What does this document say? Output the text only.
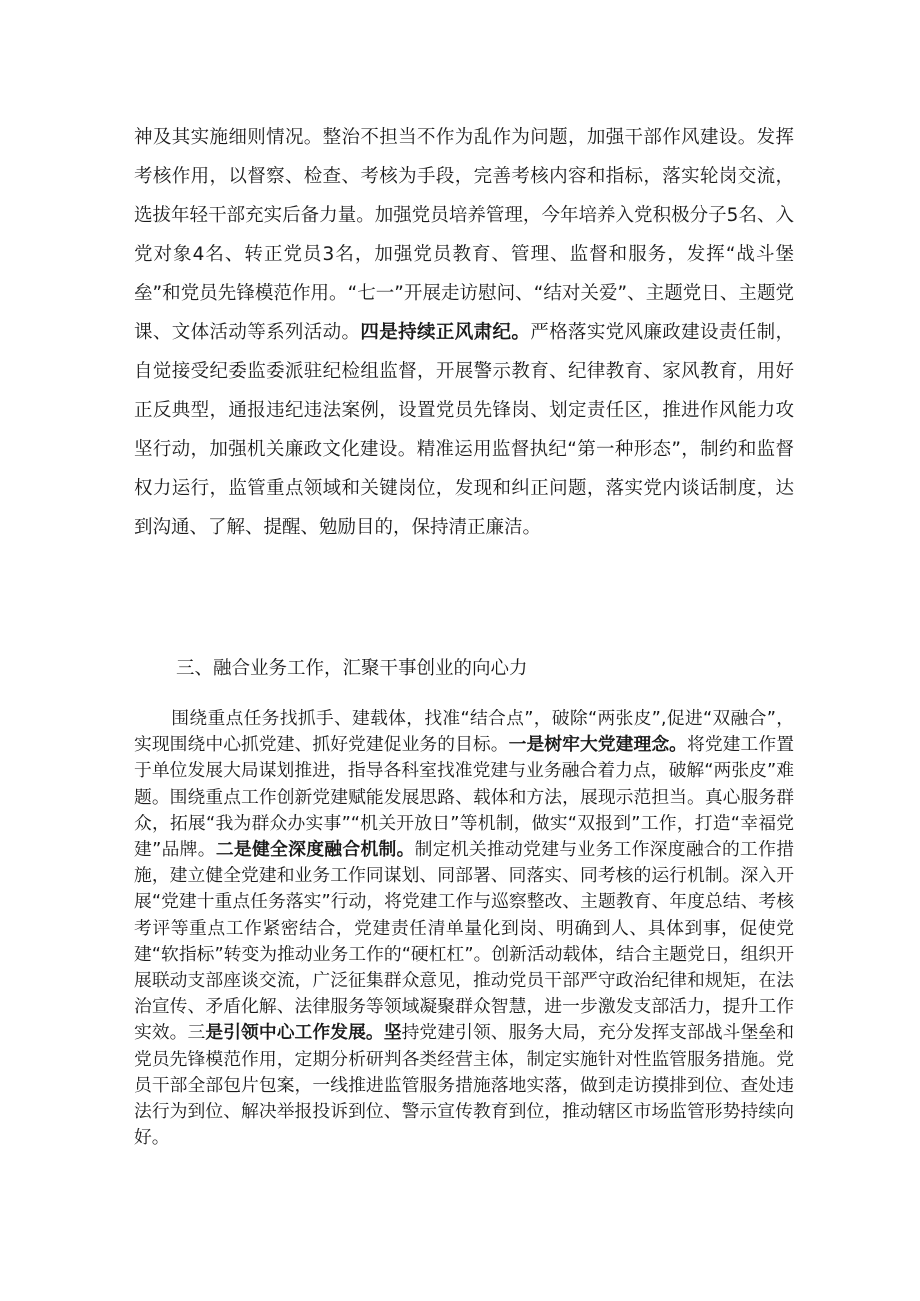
神及其实施细则情况。整治不担当不作为乱作为问题，加强干部作风建设。发挥考核作用，以督察、检查、考核为手段，完善考核内容和指标，落实轮岗交流，选拔年轻干部充实后备力量。加强党员培养管理，今年培养入党积极分子5名、入党对象4名、转正党员3名，加强党员教育、管理、监督和服务，发挥“战斗堡垒”和党员先锋模范作用。“七一”开展走访慰问、“结对关爱”、主题党日、主题党课、文体活动等系列活动。四是持续正风肃纪。严格落实党风廉政建设责任制，自觉接受纪委监委派驻纪检组监督，开展警示教育、纪律教育、家风教育，用好正反典型，通报违纪违法案例，设置党员先锋岗、划定责任区，推进作风能力攻坚行动，加强机关廉政文化建设。精准运用监督执纪“第一种形态”，制约和监督权力运行，监管重点领域和关键岗位，发现和纠正问题，落实党内谈话制度，达到沟通、了解、提醒、勉励目的，保持清正廉洁。

三、融合业务工作，汇聚干事创业的向心力

围绕重点任务找抓手、建载体，找准“结合点”，破除“两张皮”,促进“双融合”，实现围绕中心抓党建、抓好党建促业务的目标。一是树牢大党建理念。将党建工作置于单位发展大局谋划推进，指导各科室找准党建与业务融合着力点，破解“两张皮”难题。围绕重点工作创新党建赋能发展思路、载体和方法，展现示范担当。真心服务群众，拓展“我为群众办实事”“机关开放日”等机制，做实“双报到”工作，打造“幸福党建”品牌。二是健全深度融合机制。制定机关推动党建与业务工作深度融合的工作措施，建立健全党建和业务工作同谋划、同部署、同落实、同考核的运行机制。深入开展“党建十重点任务落实”行动，将党建工作与巡察整改、主题教育、年度总结、考核考评等重点工作紧密结合，党建责任清单量化到岗、明确到人、具体到事，促使党建“软指标”转变为推动业务工作的“硬杠杠”。创新活动载体，结合主题党日，组织开展联动支部座谈交流，广泛征集群众意见，推动党员干部严守政治纪律和规矩，在法治宣传、矛盾化解、法律服务等领域凝聚群众智慧，进一步激发支部活力，提升工作实效。三是引领中心工作发展。坚持党建引领、服务大局，充分发挥支部战斗堡垒和党员先锋模范作用，定期分析研判各类经营主体，制定实施针对性监管服务措施。党员干部全部包片包案，一线推进监管服务措施落地实落，做到走访摸排到位、查处违法行为到位、解决举报投诉到位、警示宣传教育到位，推动辖区市场监管形势持续向好。
